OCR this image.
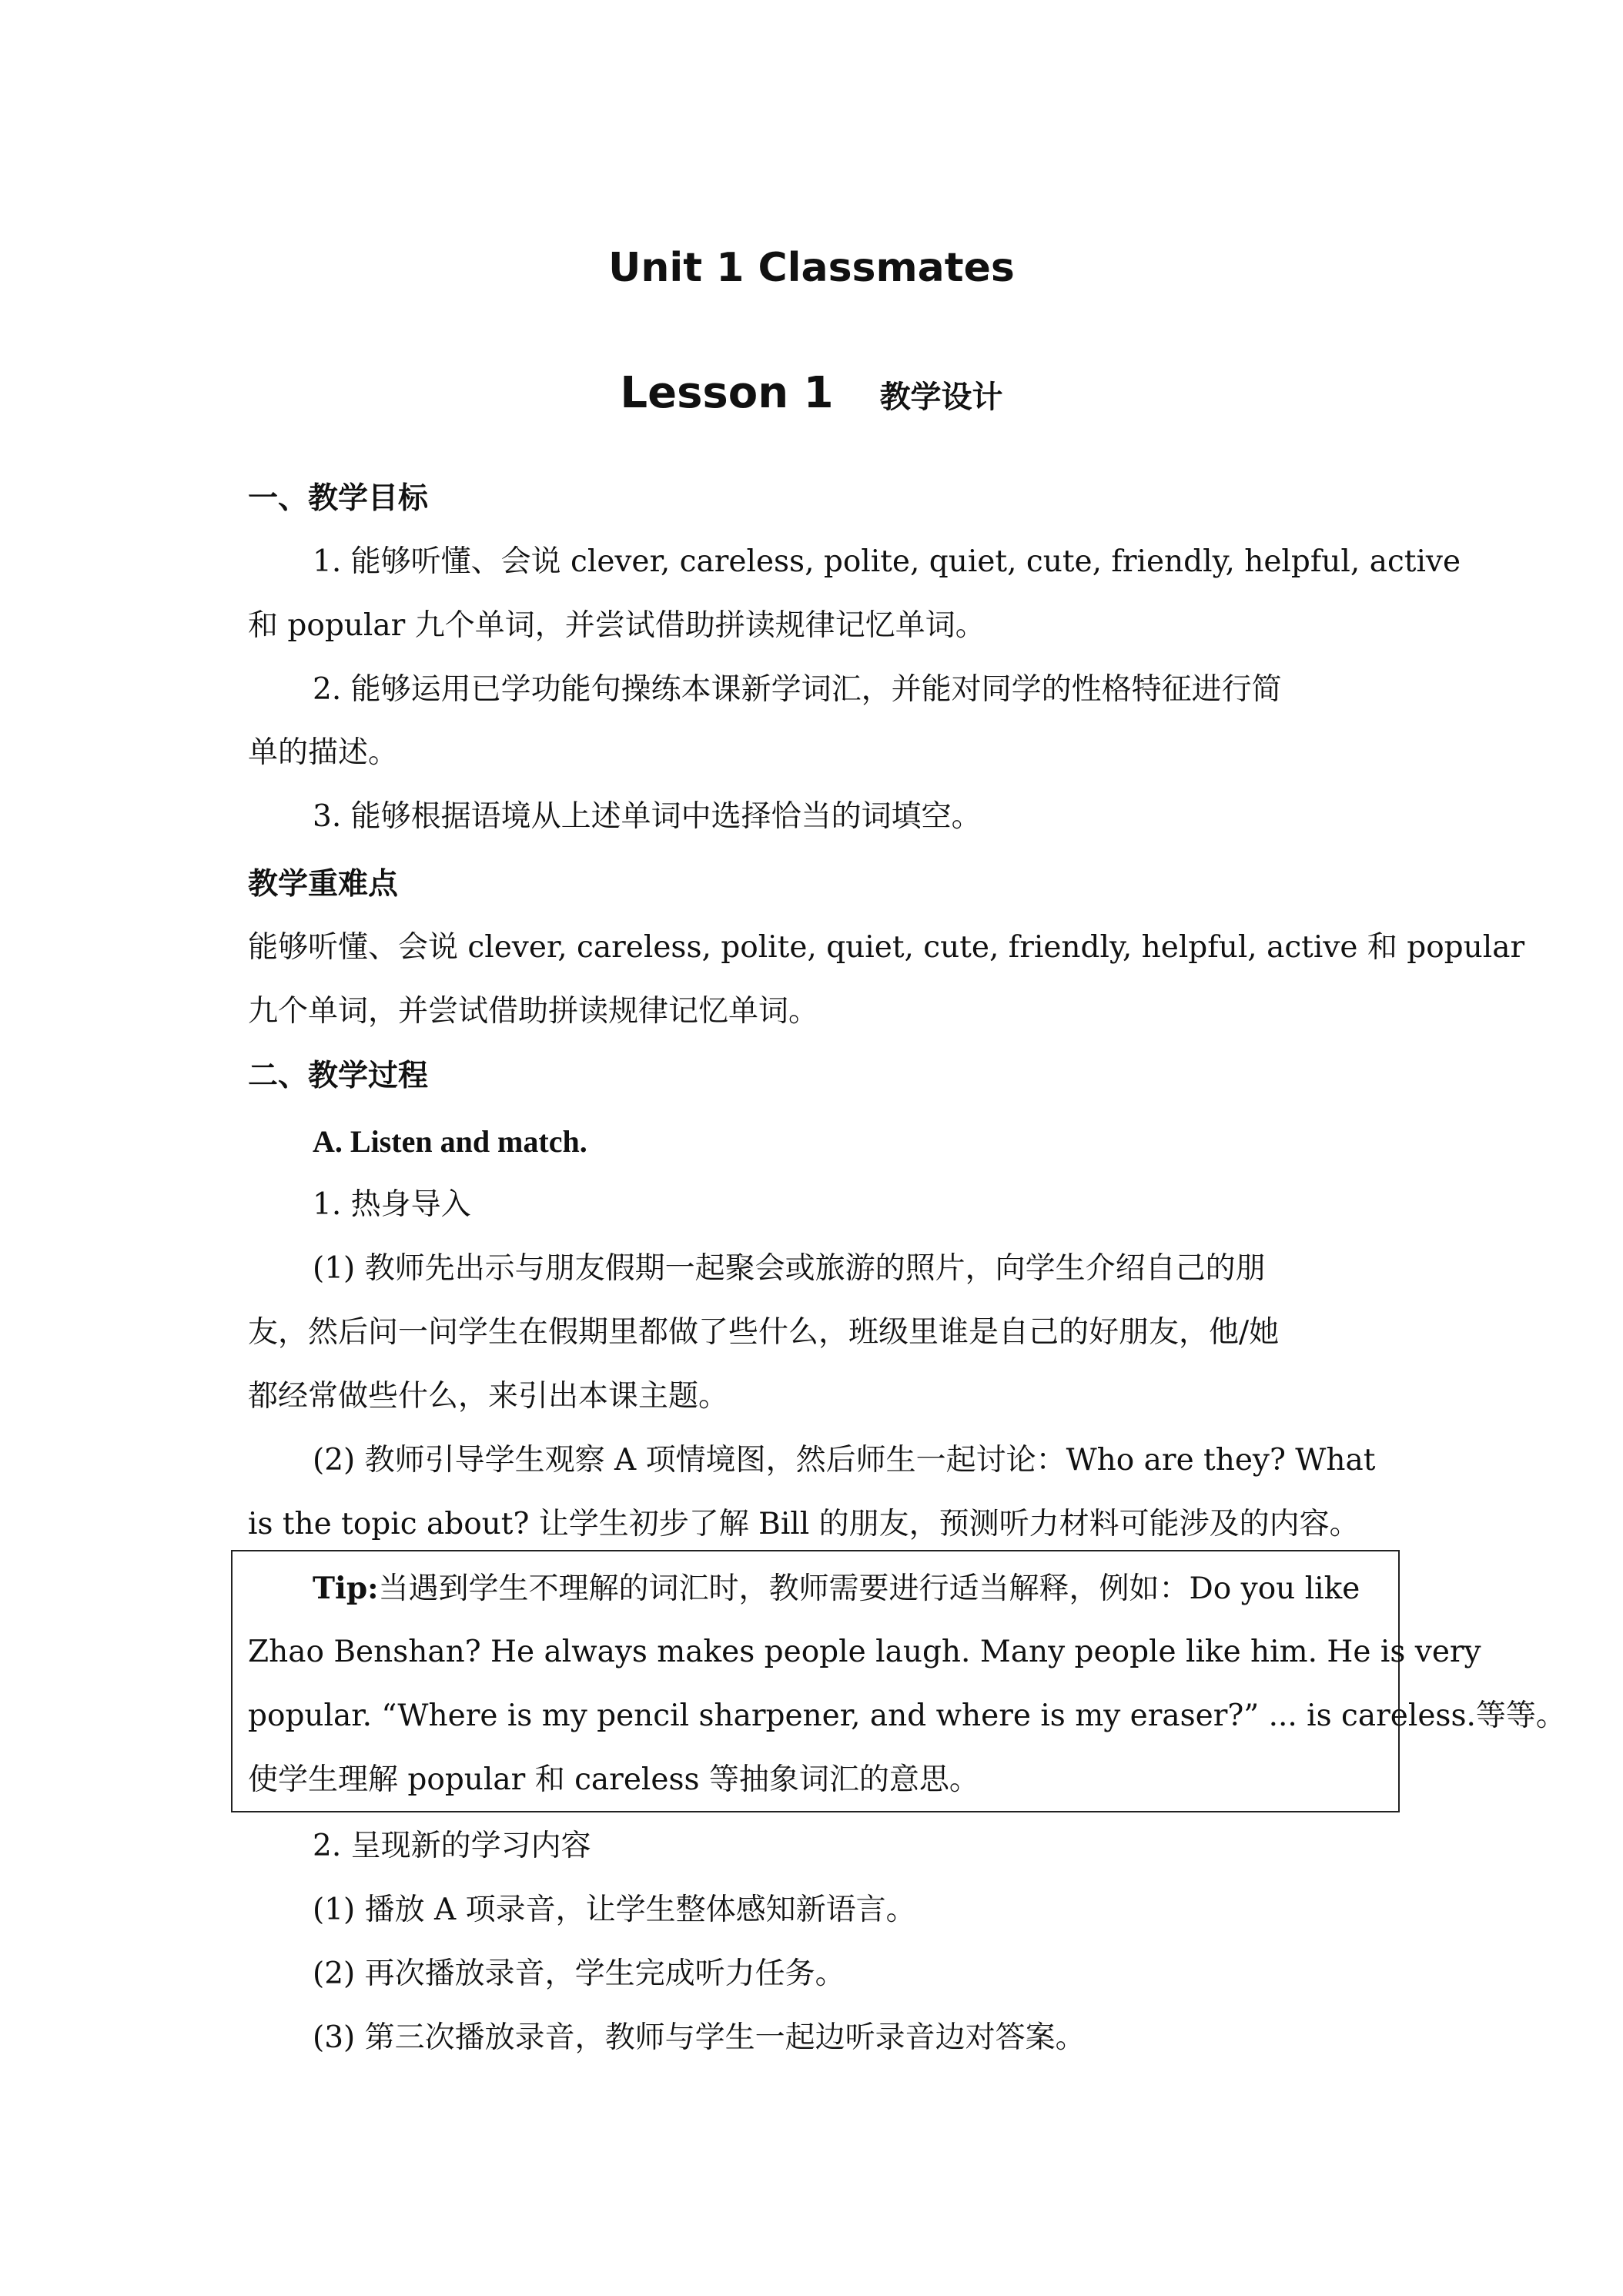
Unit 1 Classmates
Lesson 1 教学设计
一、教学目标
1. 能够听懂、会说 clever, careless, polite, quiet, cute, friendly, helpful, active
和 popular 九个单词，并尝试借助拼读规律记忆单词。
2. 能够运用已学功能句操练本课新学词汇，并能对同学的性格特征进行简
单的描述。
3. 能够根据语境从上述单词中选择恰当的词填空。
教学重难点
能够听懂、会说 clever, careless, polite, quiet, cute, friendly, helpful, active 和 popular
九个单词，并尝试借助拼读规律记忆单词。
二、教学过程
A. Listen and match.
1. 热身导入
(1) 教师先出示与朋友假期一起聚会或旅游的照片，向学生介绍自己的朋
友，然后问一问学生在假期里都做了些什么，班级里谁是自己的好朋友，他/她
都经常做些什么，来引出本课主题。
(2) 教师引导学生观察 A 项情境图，然后师生一起讨论：Who are they? What
is the topic about? 让学生初步了解 Bill 的朋友，预测听力材料可能涉及的内容。
Tip:当遇到学生不理解的词汇时，教师需要进行适当解释，例如：Do you like
Zhao Benshan? He always makes people laugh. Many people like him. He is very
popular. “Where is my pencil sharpener, and where is my eraser?” ... is careless.等等。
使学生理解 popular 和 careless 等抽象词汇的意思。
2. 呈现新的学习内容
(1) 播放 A 项录音，让学生整体感知新语言。
(2) 再次播放录音，学生完成听力任务。
(3) 第三次播放录音，教师与学生一起边听录音边对答案。
